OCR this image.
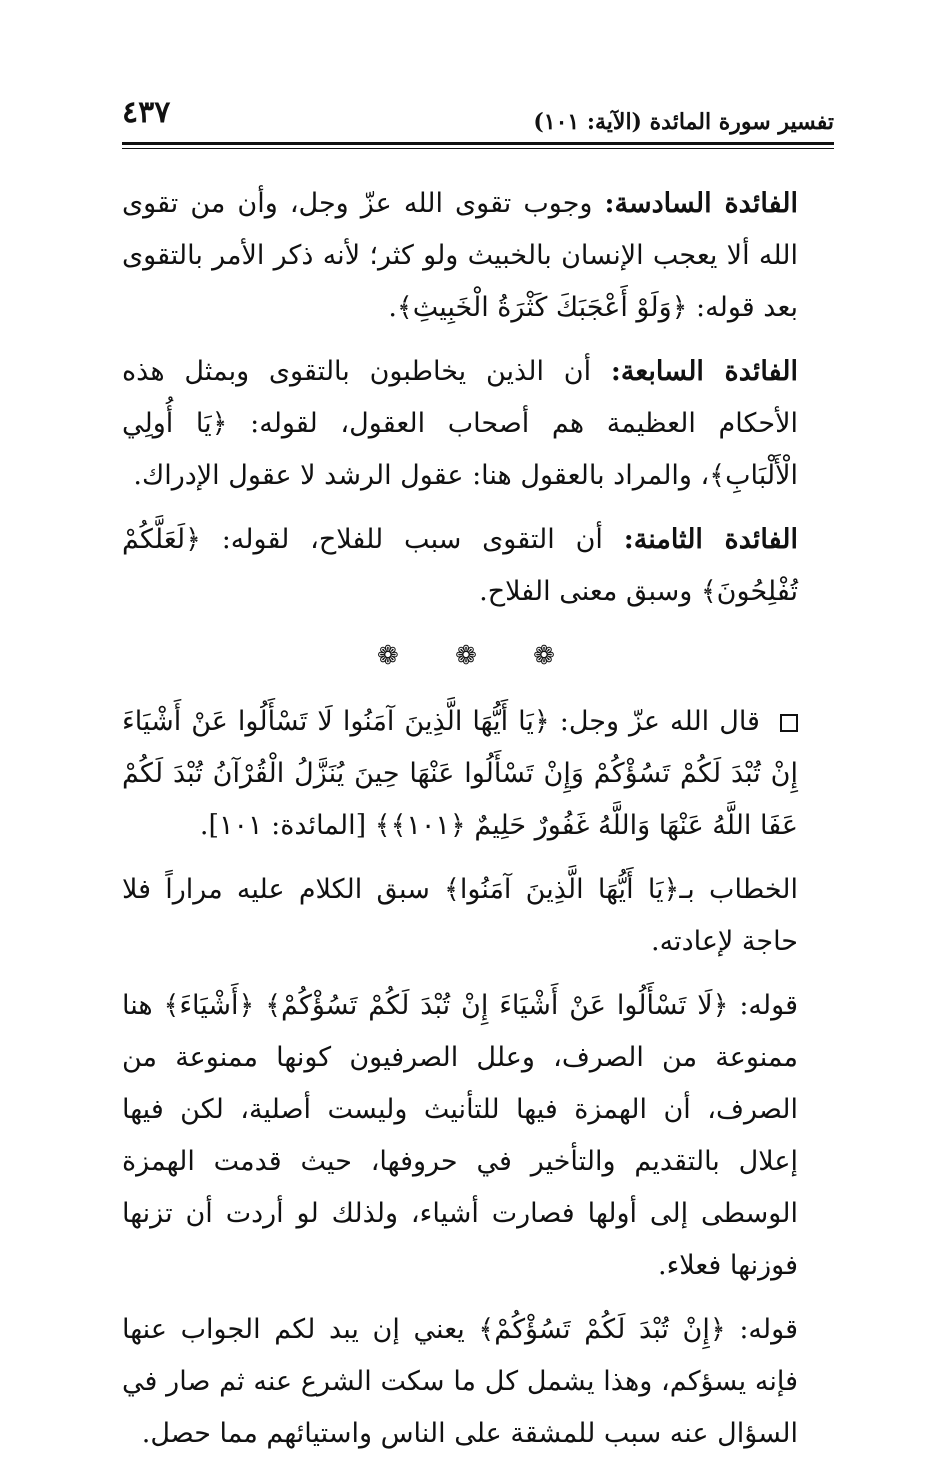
٤٣٧	تفسير سورة المائدة (الآية: ١٠١)

الفائدة السادسة: وجوب تقوى الله عزّ وجل، وأن من تقوى الله ألا يعجب الإنسان بالخبيث ولو كثر؛ لأنه ذكر الأمر بالتقوى بعد قوله: ﴿وَلَوْ أَعْجَبَكَ كَثْرَةُ الْخَبِيثِ﴾.

الفائدة السابعة: أن الذين يخاطبون بالتقوى وبمثل هذه الأحكام العظيمة هم أصحاب العقول، لقوله: ﴿يَا أُولِي الْأَلْبَابِ﴾، والمراد بالعقول هنا: عقول الرشد لا عقول الإدراك.

الفائدة الثامنة: أن التقوى سبب للفلاح، لقوله: ﴿لَعَلَّكُمْ تُفْلِحُونَ﴾ وسبق معنى الفلاح.

❁ ❁ ❁

قال الله عزّ وجل: ﴿يَا أَيُّهَا الَّذِينَ آمَنُوا لَا تَسْأَلُوا عَنْ أَشْيَاءَ إِنْ تُبْدَ لَكُمْ تَسُؤْكُمْ وَإِنْ تَسْأَلُوا عَنْهَا حِينَ يُنَزَّلُ الْقُرْآنُ تُبْدَ لَكُمْ عَفَا اللَّهُ عَنْهَا وَاللَّهُ غَفُورٌ حَلِيمٌ ﴿١٠١﴾﴾ [المائدة: ١٠١].

الخطاب بـ﴿يَا أَيُّهَا الَّذِينَ آمَنُوا﴾ سبق الكلام عليه مراراً فلا حاجة لإعادته.

قوله: ﴿لَا تَسْأَلُوا عَنْ أَشْيَاءَ إِنْ تُبْدَ لَكُمْ تَسُؤْكُمْ﴾ ﴿أَشْيَاءَ﴾ هنا ممنوعة من الصرف، وعلل الصرفيون كونها ممنوعة من الصرف، أن الهمزة فيها للتأنيث وليست أصلية، لكن فيها إعلال بالتقديم والتأخير في حروفها، حيث قدمت الهمزة الوسطى إلى أولها فصارت أشياء، ولذلك لو أردت أن تزنها فوزنها فعلاء.

قوله: ﴿إِنْ تُبْدَ لَكُمْ تَسُؤْكُمْ﴾ يعني إن يبد لكم الجواب عنها فإنه يسؤكم، وهذا يشمل كل ما سكت الشرع عنه ثم صار في السؤال عنه سبب للمشقة على الناس واستيائهم مما حصل.
